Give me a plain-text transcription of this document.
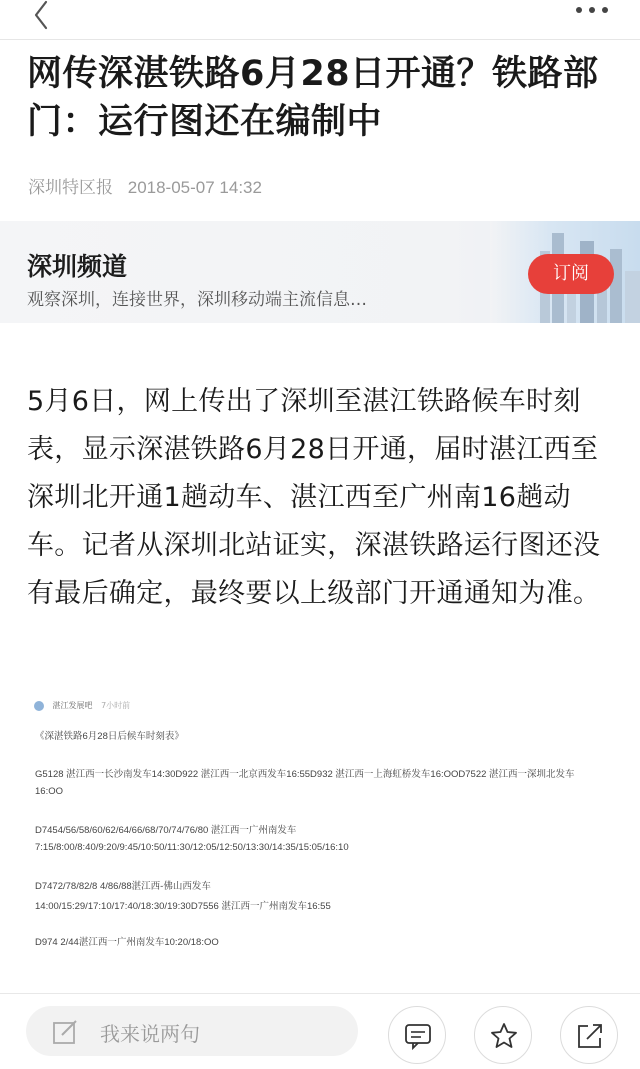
网传深湛铁路6月28日开通？铁路部门：运行图还在编制中
深圳特区报 2018-05-07 14:32
深圳频道
观察深圳，连接世界，深圳移动端主流信息…
订阅
5月6日，网上传出了深圳至湛江铁路候车时刻表，显示深湛铁路6月28日开通，届时湛江西至深圳北开通1趟动车、湛江西至广州南16趟动车。记者从深圳北站证实，深湛铁路运行图还没有最后确定，最终要以上级部门开通通知为准。
湛江发展吧 7小时前
《深湛铁路6月28日后候车时刻表》
G5128 湛江西一长沙南发车14:30D922 湛江西一北京西发车16:55D932 湛江西一上海虹桥发车16:OOD7522 湛江西一深圳北发车
16:OO
D7454/56/58/60/62/64/66/68/70/74/76/80 湛江西一广州南发车
7:15/8:00/8:40/9:20/9:45/10:50/11:30/12:05/12:50/13:30/14:35/15:05/16:10
D7472/78/82/8 4/86/88湛江西-佛山西发车
14:00/15:29/17:10/17:40/18:30/19:30D7556 湛江西一广州南发车16:55
D974 2/44湛江西一广州南发车10:20/18:OO
我来说两句
